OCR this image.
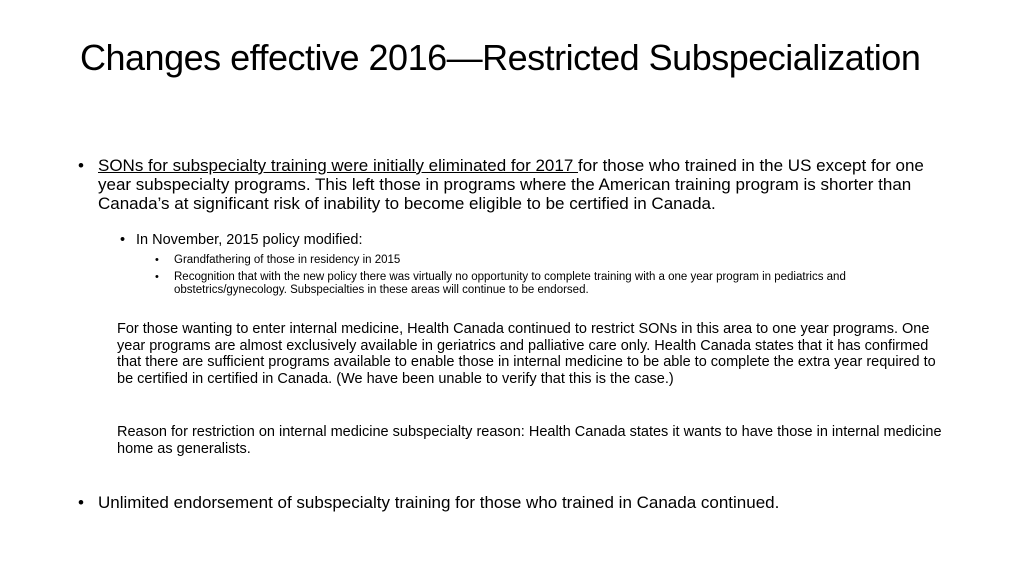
Changes effective 2016—Restricted Subspecialization
• SONs for subspecialty training were initially eliminated for 2017 for those who trained in the US except for one year subspecialty programs. This left those in programs where the American training program is shorter than Canada’s at significant risk of inability to become eligible to be certified in Canada.
• In November, 2015 policy modified:
• Grandfathering of those in residency in 2015
• Recognition that with the new policy there was virtually no opportunity to complete training with a one year program in pediatrics and obstetrics/gynecology. Subspecialties in these areas will continue to be endorsed.
For those wanting to enter internal medicine, Health Canada continued to restrict SONs in this area to one year programs. One year programs are almost exclusively available in geriatrics and palliative care only. Health Canada states that it has confirmed that there are sufficient programs available to enable those in internal medicine to be able to complete the extra year required to be certified in certified in Canada. (We have been unable to verify that this is the case.)
Reason for restriction on internal medicine subspecialty reason: Health Canada states it wants to have those in internal medicine home as generalists.
• Unlimited endorsement of subspecialty training for those who trained in Canada continued.
